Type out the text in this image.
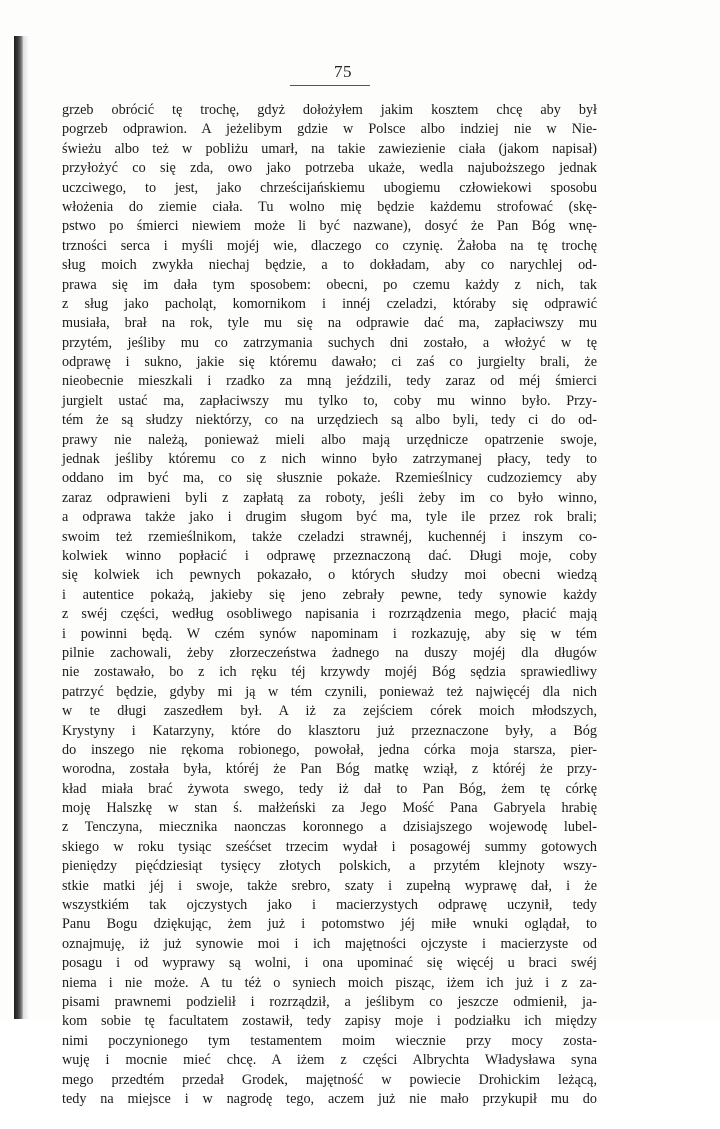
75
grzeb obrócić tę trochę, gdyż dołożyłem jakim kosztem chcę aby był
pogrzeb odprawion. A jeżelibym gdzie w Polsce albo indziej nie w Nie-
świeżu albo też w pobliżu umarł, na takie zawiezienie ciała (jakom napisał)
przyłożyć co się zda, owo jako potrzeba ukaże, wedla najuboższego jednak
uczciwego, to jest, jako chrześcijańskiemu ubogiemu człowiekowi sposobu
włożenia do ziemie ciała. Tu wolno mię będzie każdemu strofować (skę-
pstwo po śmierci niewiem może li być nazwane), dosyć że Pan Bóg wnę-
trzności serca i myśli mojéj wie, dlaczego co czynię. Żałoba na tę trochę
sług moich zwykła niechaj będzie, a to dokładam, aby co narychlej od-
prawa się im dała tym sposobem: obecni, po czemu każdy z nich, tak
z sług jako pacholąt, komornikom i innéj czeladzi, któraby się odprawić
musiała, brał na rok, tyle mu się na odprawie dać ma, zapłaciwszy mu
przytém, jeśliby mu co zatrzymania suchych dni zostało, a włożyć w tę
odprawę i sukno, jakie się któremu dawało; ci zaś co jurgielty brali, że
nieobecnie mieszkali i rzadko za mną jeździli, tedy zaraz od méj śmierci
jurgielt ustać ma, zapłaciwszy mu tylko to, coby mu winno było. Przy-
tém że są słudzy niektórzy, co na urzędziech są albo byli, tedy ci do od-
prawy nie należą, ponieważ mieli albo mają urzędnicze opatrzenie swoje,
jednak jeśliby któremu co z nich winno było zatrzymanej płacy, tedy to
oddano im być ma, co się słusznie pokaże. Rzemieślnicy cudzoziemcy aby
zaraz odprawieni byli z zapłatą za roboty, jeśli żeby im co było winno,
a odprawa także jako i drugim sługom być ma, tyle ile przez rok brali;
swoim też rzemieślnikom, także czeladzi strawnéj, kuchennéj i inszym co-
kolwiek winno popłacić i odprawę przeznaczoną dać. Długi moje, coby
się kolwiek ich pewnych pokazało, o których słudzy moi obecni wiedzą
i autentice pokażą, jakieby się jeno zebrały pewne, tedy synowie każdy
z swéj części, według osobliwego napisania i rozrządzenia mego, płacić mają
i powinni będą. W czém synów napominam i rozkazuję, aby się w tém
pilnie zachowali, żeby złorzeczeństwa żadnego na duszy mojéj dla długów
nie zostawało, bo z ich ręku téj krzywdy mojéj Bóg sędzia sprawiedliwy
patrzyć będzie, gdyby mi ją w tém czynili, ponieważ też najwięcéj dla nich
w te długi zaszedłem był. A iż za zejściem córek moich młodszych,
Krystyny i Katarzyny, które do klasztoru już przeznaczone były, a Bóg
do inszego nie rękoma robionego, powołał, jedna córka moja starsza, pier-
worodna, została była, któréj że Pan Bóg matkę wziął, z któréj że przy-
kład miała brać żywota swego, tedy iż dał to Pan Bóg, żem tę córkę
moję Halszkę w stan ś. małżeński za Jego Mość Pana Gabryela hrabię
z Tenczyna, miecznika naonczas koronnego a dzisiajszego wojewodę lubel-
skiego w roku tysiąc sześćset trzecim wydał i posagowéj summy gotowych
pieniędzy pięćdziesiąt tysięcy złotych polskich, a przytém klejnoty wszy-
stkie matki jéj i swoje, także srebro, szaty i zupełną wyprawę dał, i że
wszystkiém tak ojczystych jako i macierzystych odprawę uczynił, tedy
Panu Bogu dziękując, żem już i potomstwo jéj miłe wnuki oglądał, to
oznajmuję, iż już synowie moi i ich majętności ojczyste i macierzyste od
posagu i od wyprawy są wolni, i ona upominać się więcéj u braci swéj
niema i nie może. A tu téż o syniech moich pisząc, iżem ich już i z za-
pisami prawnemi podzielił i rozrządził, a jeślibym co jeszcze odmienił, ja-
kom sobie tę facultatem zostawił, tedy zapisy moje i podziałku ich między
nimi poczynionego tym testamentem moim wiecznie przy mocy zosta-
wuję i mocnie mieć chcę. A iżem z części Albrychta Władysława syna
mego przedtém przedał Grodek, majętność w powiecie Drohickim leżącą,
tedy na miejsce i w nagrodę tego, aczem już nie mało przykupił mu do
